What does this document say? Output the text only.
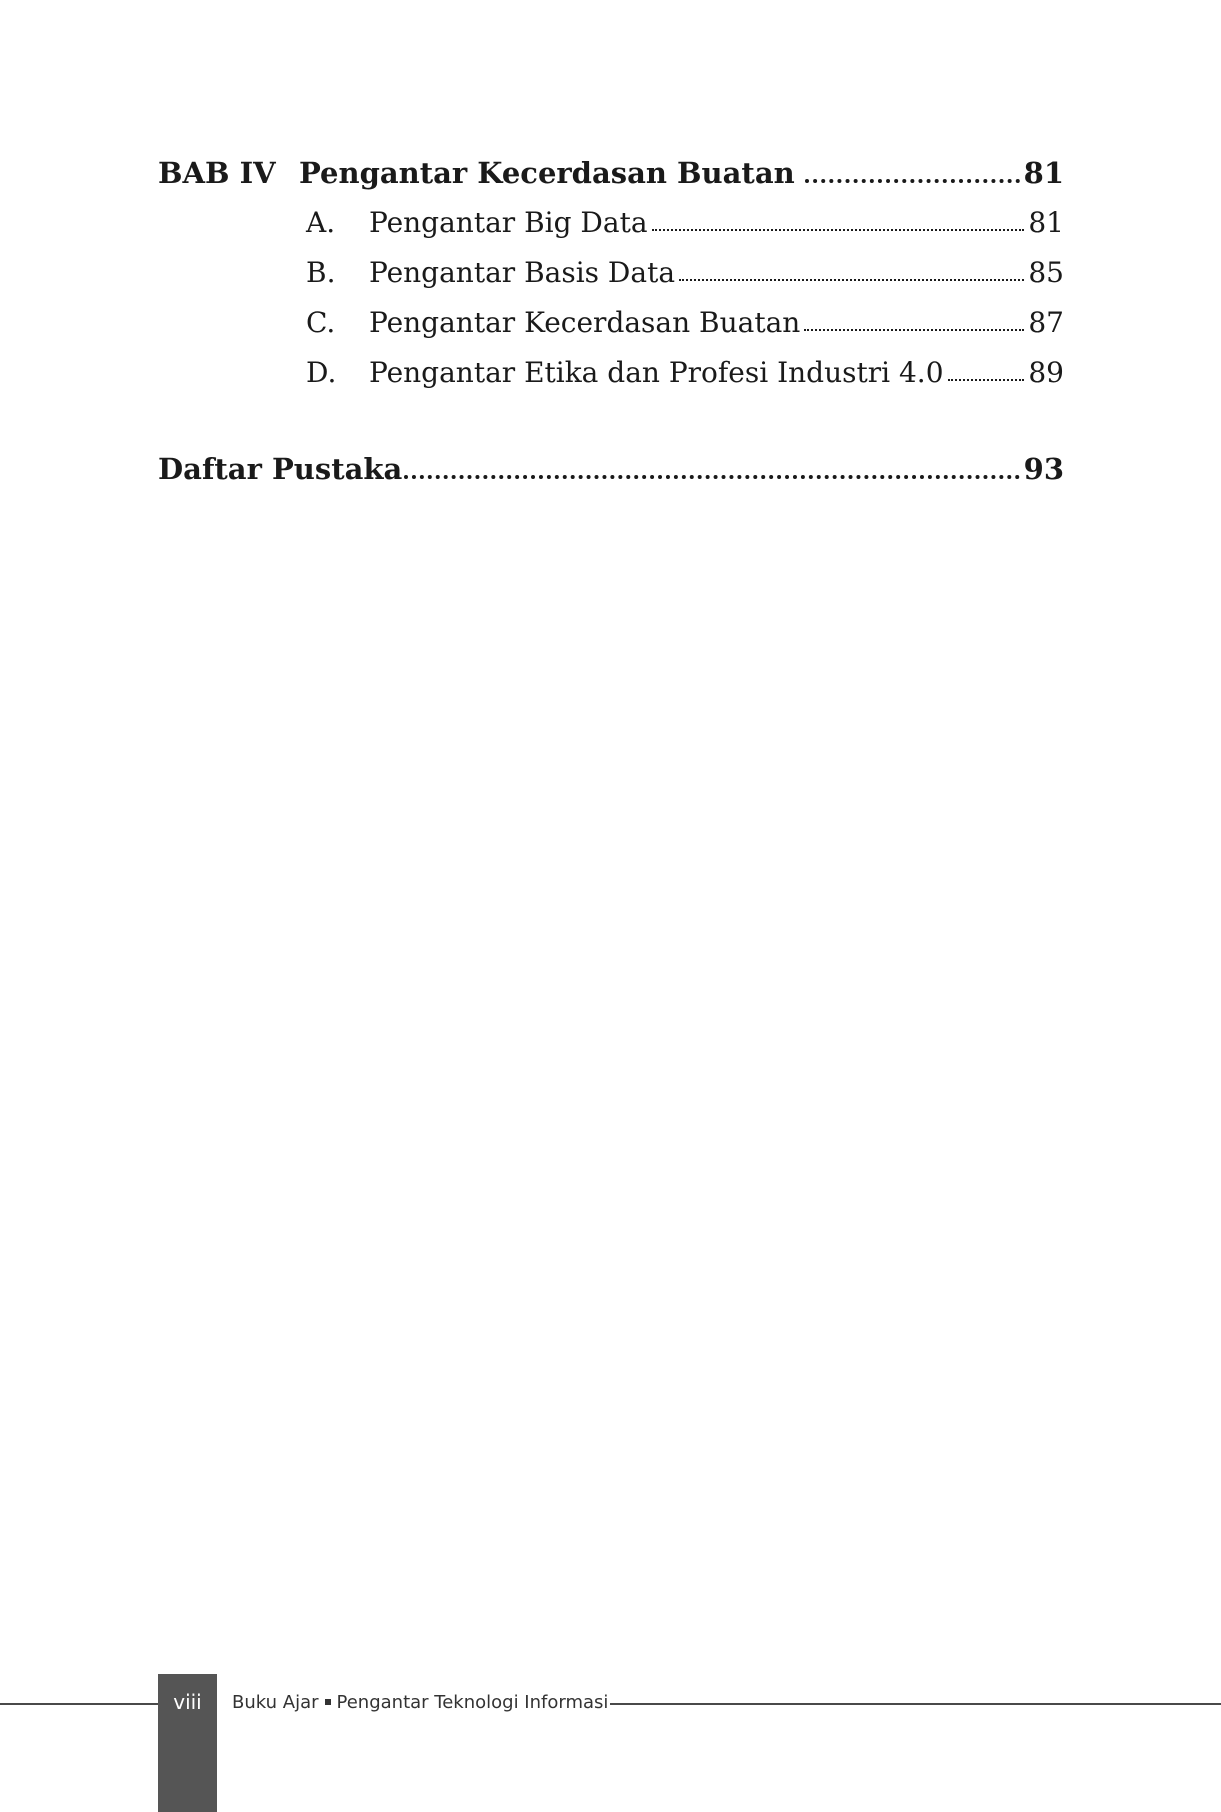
BAB IV Pengantar Kecerdasan Buatan	81
A.	Pengantar Big Data	81
B.	Pengantar Basis Data	85
C.	Pengantar Kecerdasan Buatan	87
D.	Pengantar Etika dan Profesi Industri 4.0	89
Daftar Pustaka	93
viii	Buku Ajar Pengantar Teknologi Informasi
